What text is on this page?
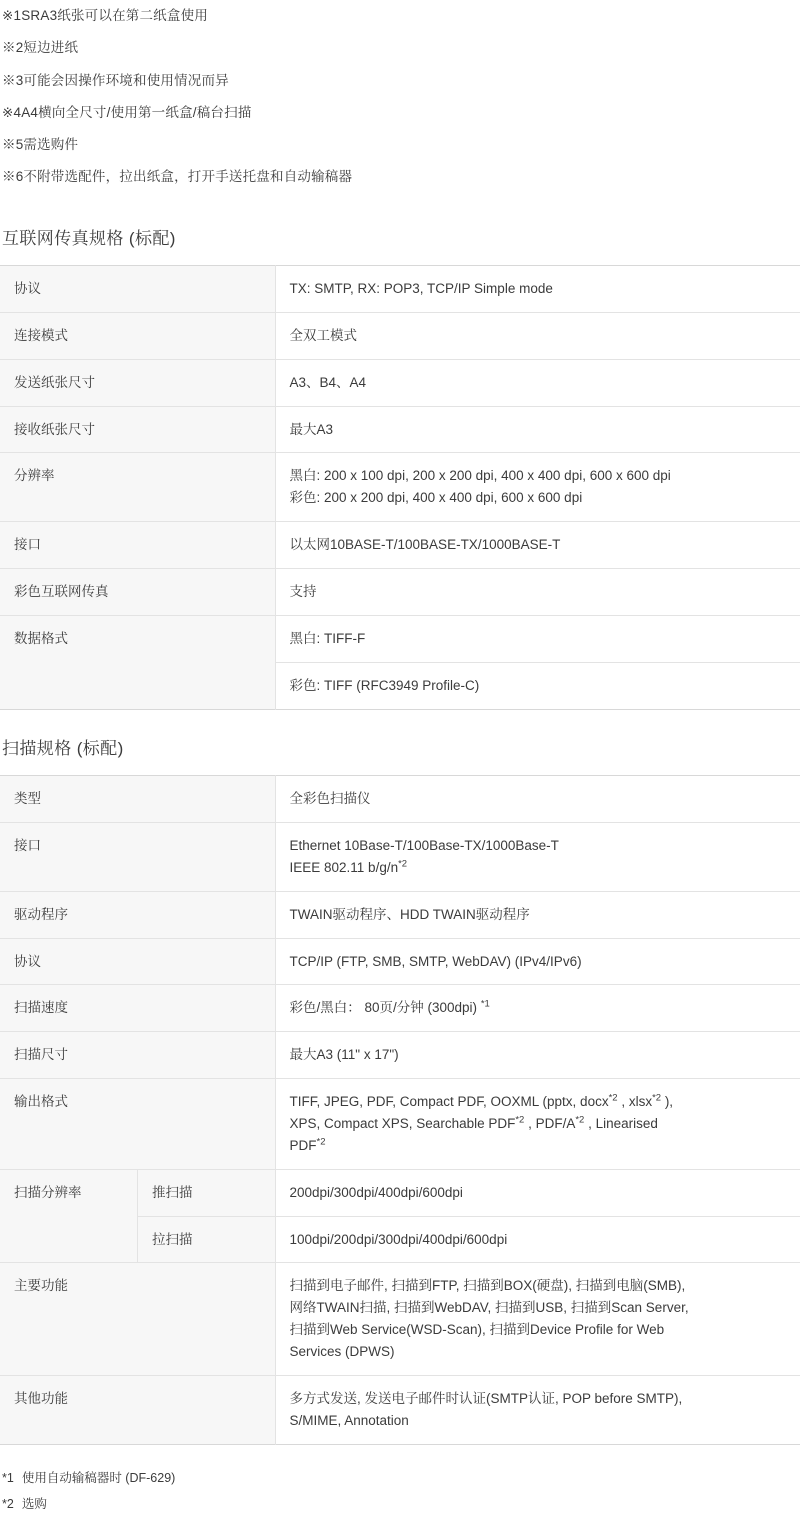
※1SRA3纸张可以在第二纸盒使用
※2短边进纸
※3可能会因操作环境和使用情况而异
※4A4横向全尺寸/使用第一纸盒/稿台扫描
※5需选购件
※6不附带选配件，拉出纸盒，打开手送托盘和自动输稿器
互联网传真规格 (标配)
协议	TX: SMTP, RX: POP3, TCP/IP Simple mode

连接模式	全双工模式

发送纸张尺寸	A3、B4、A4

接收纸张尺寸	最大A3

分辨率	黑白: 200 x 100 dpi, 200 x 200 dpi, 400 x 400 dpi, 600 x 600 dpi
彩色: 200 x 200 dpi, 400 x 400 dpi, 600 x 600 dpi

接口	以太网10BASE-T/100BASE-TX/1000BASE-T

彩色互联网传真	支持

数据格式	黑白: TIFF-F

	彩色: TIFF (RFC3949 Profile-C)
扫描规格 (标配)
类型		全彩色扫描仪

接口		Ethernet 10Base-T/100Base-TX/1000Base-T
IEEE 802.11 $b/g/n^{*2}$

驱动程序		TWAIN驱动程序、HDD TWAIN驱动程序

协议		TCP/IP (FTP, SMB, SMTP, WebDAV) (IPv4/IPv6)

扫描速度		彩色/黑白： 80页/分钟 (300dpi) $^{*1}$

扫描尺寸		最大A3 (11" x 17")

输出格式		TIFF, JPEG, PDF, Compact PDF, OOXML (pptx, docx$^{*2}$ , xlsx$^{*2}$ ),
XPS, Compact XPS, Searchable PDF$^{*2}$ , PDF/$A^{*2}$ , Linearised
PDF$^{*2}$

扫描分辨率	推扫描	200dpi/300dpi/400dpi/600dpi
	拉扫描	100dpi/200dpi/300dpi/400dpi/600dpi
主要功能		扫描到电子邮件, 扫描到FTP, 扫描到BOX(硬盘), 扫描到电脑(SMB),
网络TWAIN扫描, 扫描到WebDAV, 扫描到USB, 扫描到Scan Server,
扫描到Web Service(WSD-Scan), 扫描到Device Profile for Web
Services (DPWS)

其他功能		多方式发送, 发送电子邮件时认证(SMTP认证, POP before SMTP),
S/MIME, Annotation
*1 使用自动输稿器时 (DF-629)
*2 选购
